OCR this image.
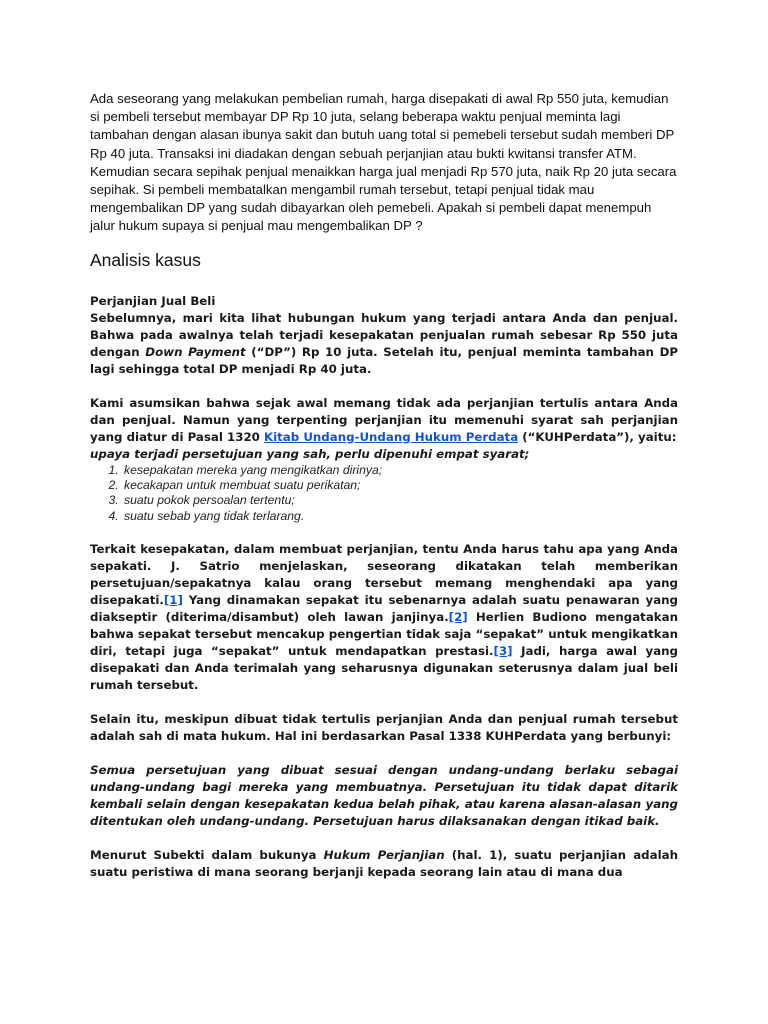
Ada seseorang yang melakukan pembelian rumah, harga disepakati di awal Rp 550 juta, kemudian si pembeli tersebut membayar DP Rp 10 juta, selang beberapa waktu penjual meminta lagi tambahan dengan alasan ibunya sakit dan butuh uang total si pemebeli tersebut sudah memberi DP Rp 40 juta. Transaksi ini diadakan dengan sebuah perjanjian atau bukti kwitansi transfer ATM. Kemudian secara sepihak penjual menaikkan harga jual menjadi Rp 570 juta, naik Rp 20 juta secara sepihak. Si pembeli membatalkan mengambil rumah tersebut, tetapi penjual tidak mau mengembalikan DP yang sudah dibayarkan oleh pemebeli. Apakah si pembeli dapat menempuh jalur hukum supaya si penjual mau mengembalikan DP ?

Analisis kasus
Perjanjian Jual Beli

Sebelumnya, mari kita lihat hubungan hukum yang terjadi antara Anda dan penjual. Bahwa pada awalnya telah terjadi kesepakatan penjualan rumah sebesar Rp 550 juta dengan Down Payment (“DP”) Rp 10 juta. Setelah itu, penjual meminta tambahan DP lagi sehingga total DP menjadi Rp 40 juta.

Kami asumsikan bahwa sejak awal memang tidak ada perjanjian tertulis antara Anda dan penjual. Namun yang terpenting perjanjian itu memenuhi syarat sah perjanjian yang diatur di Pasal 1320 Kitab Undang-Undang Hukum Perdata (“KUHPerdata”), yaitu:

upaya terjadi persetujuan yang sah, perlu dipenuhi empat syarat;

1. kesepakatan mereka yang mengikatkan dirinya;
2. kecakapan untuk membuat suatu perikatan;
3. suatu pokok persoalan tertentu;
4. suatu sebab yang tidak terlarang.

Terkait kesepakatan, dalam membuat perjanjian, tentu Anda harus tahu apa yang Anda sepakati. J. Satrio menjelaskan, seseorang dikatakan telah memberikan persetujuan/sepakatnya kalau orang tersebut memang menghendaki apa yang disepakati.[1] Yang dinamakan sepakat itu sebenarnya adalah suatu penawaran yang diakseptir (diterima/disambut) oleh lawan janjinya.[2] Herlien Budiono mengatakan bahwa sepakat tersebut mencakup pengertian tidak saja “sepakat” untuk mengikatkan diri, tetapi juga “sepakat” untuk mendapatkan prestasi.[3] Jadi, harga awal yang disepakati dan Anda terimalah yang seharusnya digunakan seterusnya dalam jual beli rumah tersebut.

Selain itu, meskipun dibuat tidak tertulis perjanjian Anda dan penjual rumah tersebut adalah sah di mata hukum. Hal ini berdasarkan Pasal 1338 KUHPerdata yang berbunyi:

Semua persetujuan yang dibuat sesuai dengan undang-undang berlaku sebagai undang-undang bagi mereka yang membuatnya. Persetujuan itu tidak dapat ditarik kembali selain dengan kesepakatan kedua belah pihak, atau karena alasan-alasan yang ditentukan oleh undang-undang. Persetujuan harus dilaksanakan dengan itikad baik.

Menurut Subekti dalam bukunya Hukum Perjanjian (hal. 1), suatu perjanjian adalah suatu peristiwa di mana seorang berjanji kepada seorang lain atau di mana dua
